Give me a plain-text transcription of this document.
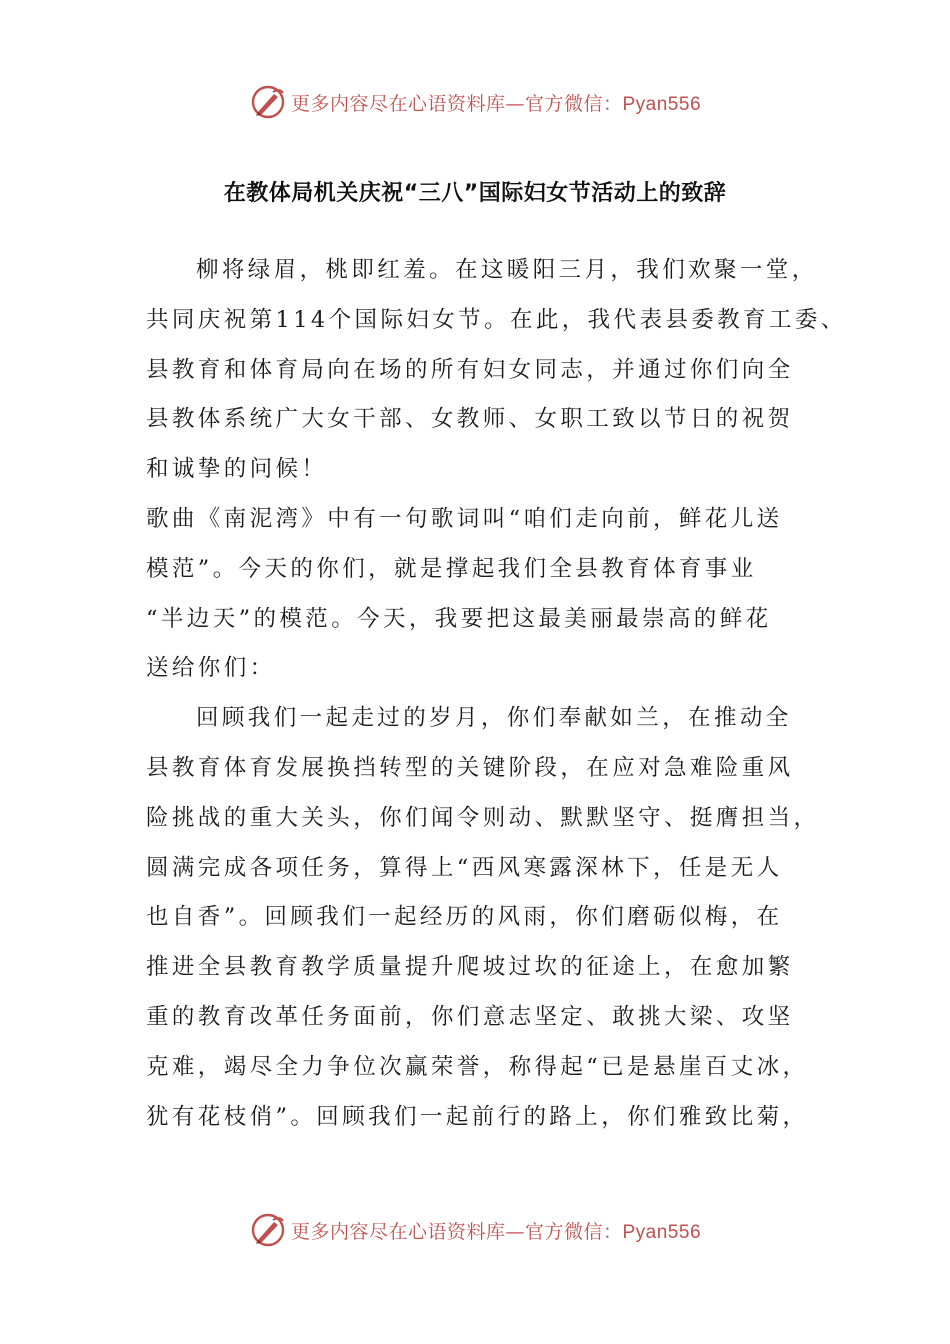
更多内容尽在心语资料库—官方微信：Pyan556
在教体局机关庆祝“三八”国际妇女节活动上的致辞
柳将绿眉，桃即红羞。在这暖阳三月，我们欢聚一堂，
共同庆祝第114个国际妇女节。在此，我代表县委教育工委、
县教育和体育局向在场的所有妇女同志，并通过你们向全
县教体系统广大女干部、女教师、女职工致以节日的祝贺
和诚挚的问候！
歌曲《南泥湾》中有一句歌词叫“咱们走向前，鲜花儿送
模范”。今天的你们，就是撑起我们全县教育体育事业
“半边天”的模范。今天，我要把这最美丽最崇高的鲜花
送给你们：
回顾我们一起走过的岁月，你们奉献如兰，在推动全
县教育体育发展换挡转型的关键阶段，在应对急难险重风
险挑战的重大关头，你们闻令则动、默默坚守、挺膺担当，
圆满完成各项任务，算得上“西风寒露深林下，任是无人
也自香”。回顾我们一起经历的风雨，你们磨砺似梅，在
推进全县教育教学质量提升爬坡过坎的征途上，在愈加繁
重的教育改革任务面前，你们意志坚定、敢挑大梁、攻坚
克难，竭尽全力争位次赢荣誉，称得起“已是悬崖百丈冰，
犹有花枝俏”。回顾我们一起前行的路上，你们雅致比菊，
更多内容尽在心语资料库—官方微信：Pyan556
